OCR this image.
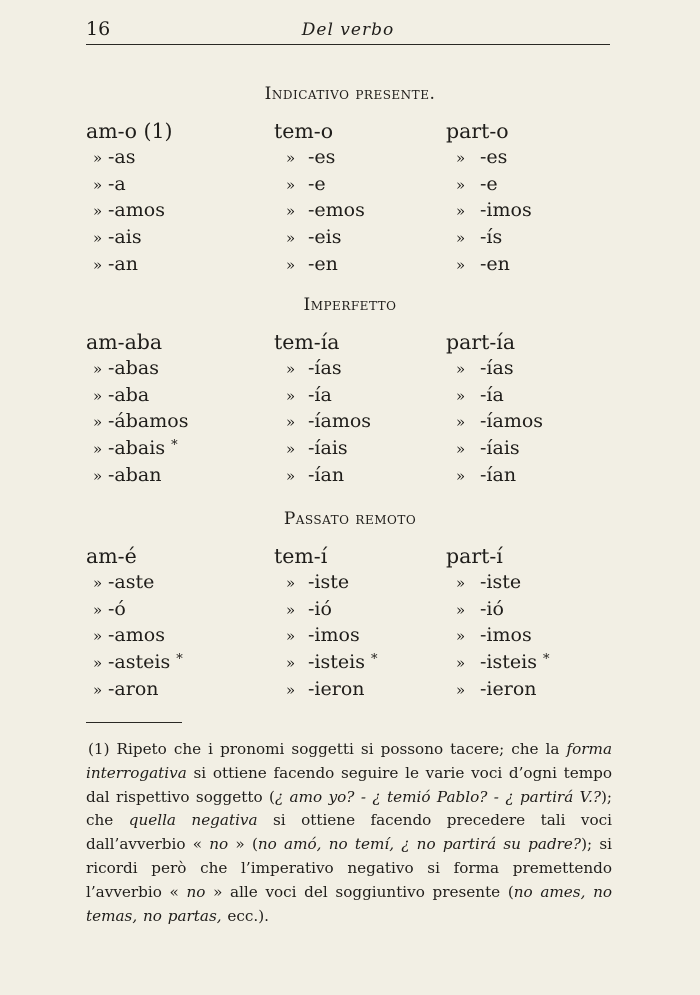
16	Del verbo
Indicativo presente.
am-o (1)	tem-o	part-o
» -as	» -es	» -es
» -a	» -e	» -e
» -amos	» -emos	» -imos
» -ais	» -eis	» -ís
» -an	» -en	» -en
Imperfetto
am-aba	tem-ía	part-ía
» -abas	» -ías	» -ías
» -aba	» -ía	» -ía
» -ábamos	» -íamos	» -íamos
» -abais *	» -íais	» -íais
» -aban	» -ían	» -ían
Passato remoto
am-é	tem-í	part-í
» -aste	» -iste	» -iste
» -ó	» -ió	» -ió
» -amos	» -imos	» -imos
» -asteis *	» -isteis *	» -isteis *
» -aron	» -ieron	» -ieron

(1) Ripeto che i pronomi soggetti si possono tacere; che la forma interrogativa si ottiene facendo seguire le varie voci d’ogni tempo dal rispettivo soggetto (¿ amo yo? - ¿ temió Pablo? - ¿ partirá V.?); che quella negativa si ottiene facendo precedere tali voci dall’avverbio « no » (no amó, no temí, ¿ no partirá su padre?); si ricordi però che l’imperativo negativo si forma premettendo l’avverbio « no » alle voci del soggiuntivo presente (no ames, no temas, no partas, ecc.).
